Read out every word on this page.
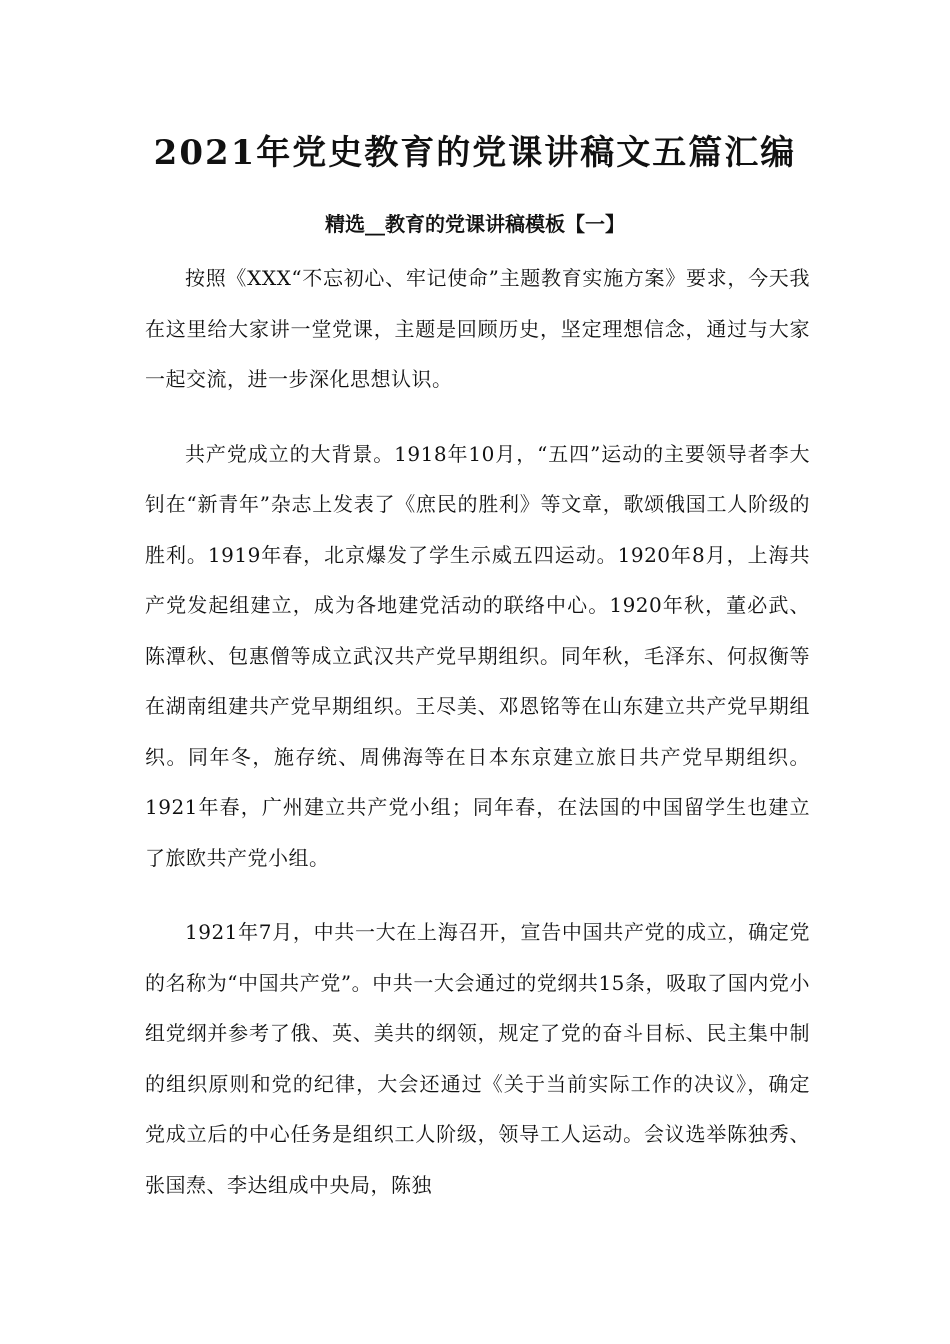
2021年党史教育的党课讲稿文五篇汇编
精选__教育的党课讲稿模板【一】

按照《XXX“不忘初心、牢记使命”主题教育实施方案》要求，今天我在这里给大家讲一堂党课，主题是回顾历史，坚定理想信念，通过与大家一起交流，进一步深化思想认识。

共产党成立的大背景。1918年10月，“五四”运动的主要领导者李大钊在“新青年”杂志上发表了《庶民的胜利》等文章，歌颂俄国工人阶级的胜利。1919年春，北京爆发了学生示威五四运动。1920年8月，上海共产党发起组建立，成为各地建党活动的联络中心。1920年秋，董必武、陈潭秋、包惠僧等成立武汉共产党早期组织。同年秋，毛泽东、何叔衡等在湖南组建共产党早期组织。王尽美、邓恩铭等在山东建立共产党早期组织。同年冬，施存统、周佛海等在日本东京建立旅日共产党早期组织。1921年春，广州建立共产党小组；同年春，在法国的中国留学生也建立了旅欧共产党小组。

1921年7月，中共一大在上海召开，宣告中国共产党的成立，确定党的名称为“中国共产党”。中共一大会通过的党纲共15条，吸取了国内党小组党纲并参考了俄、英、美共的纲领，规定了党的奋斗目标、民主集中制的组织原则和党的纪律，大会还通过《关于当前实际工作的决议》，确定党成立后的中心任务是组织工人阶级，领导工人运动。会议选举陈独秀、张国焘、李达组成中央局，陈独
